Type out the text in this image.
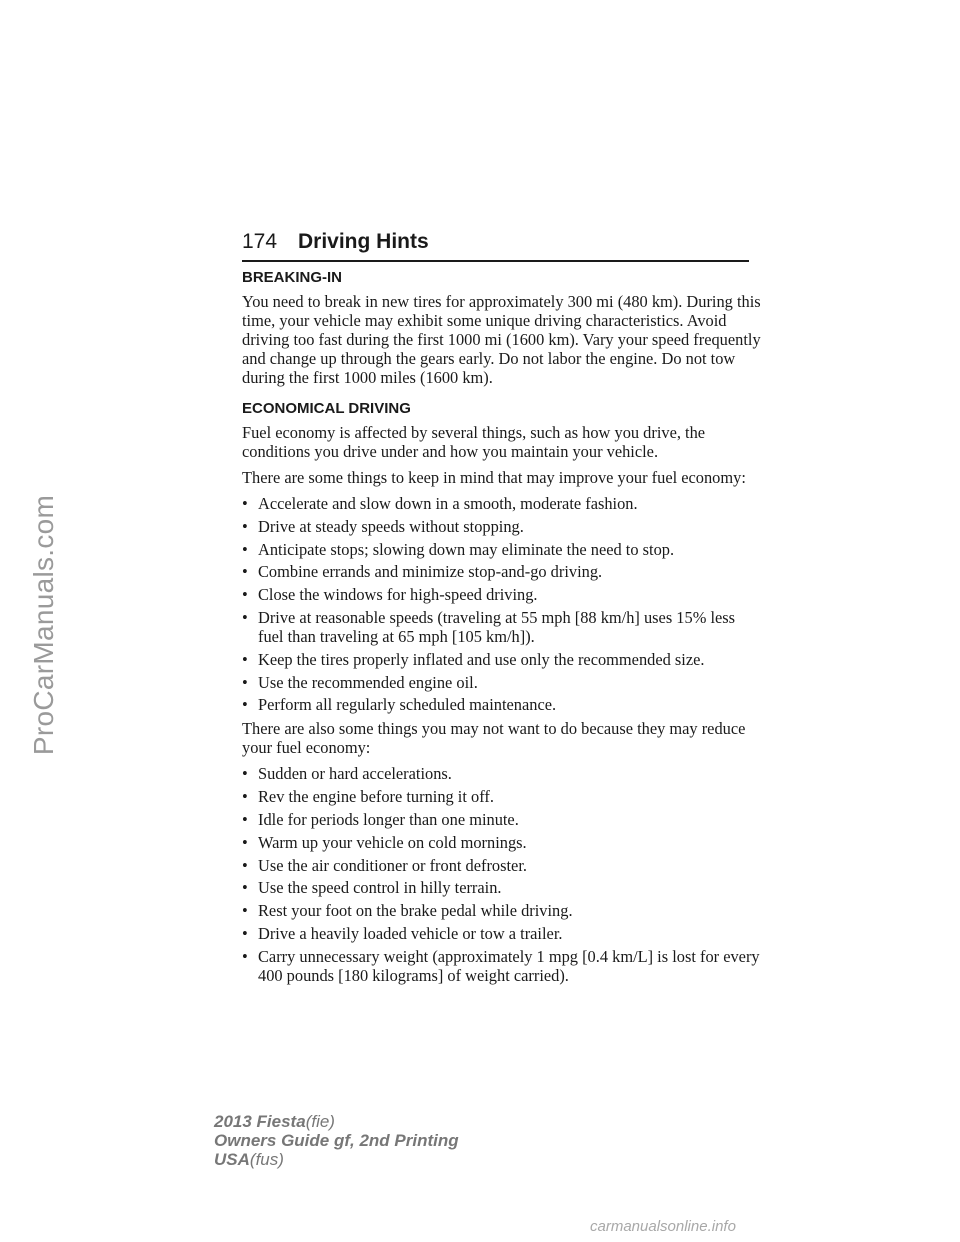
ProCarManuals.com
174 Driving Hints
BREAKING-IN

You need to break in new tires for approximately 300 mi (480 km). During this time, your vehicle may exhibit some unique driving characteristics. Avoid driving too fast during the first 1000 mi (1600 km). Vary your speed frequently and change up through the gears early. Do not labor the engine. Do not tow during the first 1000 miles (1600 km).

ECONOMICAL DRIVING

Fuel economy is affected by several things, such as how you drive, the conditions you drive under and how you maintain your vehicle.

There are some things to keep in mind that may improve your fuel economy:

• Accelerate and slow down in a smooth, moderate fashion.
• Drive at steady speeds without stopping.
• Anticipate stops; slowing down may eliminate the need to stop.
• Combine errands and minimize stop-and-go driving.
• Close the windows for high-speed driving.
• Drive at reasonable speeds (traveling at 55 mph [88 km/h] uses 15% less fuel than traveling at 65 mph [105 km/h]).
• Keep the tires properly inflated and use only the recommended size.
• Use the recommended engine oil.
• Perform all regularly scheduled maintenance.

There are also some things you may not want to do because they may reduce your fuel economy:

• Sudden or hard accelerations.
• Rev the engine before turning it off.
• Idle for periods longer than one minute.
• Warm up your vehicle on cold mornings.
• Use the air conditioner or front defroster.
• Use the speed control in hilly terrain.
• Rest your foot on the brake pedal while driving.
• Drive a heavily loaded vehicle or tow a trailer.
• Carry unnecessary weight (approximately 1 mpg [0.4 km/L] is lost for every 400 pounds [180 kilograms] of weight carried).
2013 Fiesta(fie)
Owners Guide gf, 2nd Printing
USA(fus)
carmanualsonline.info
